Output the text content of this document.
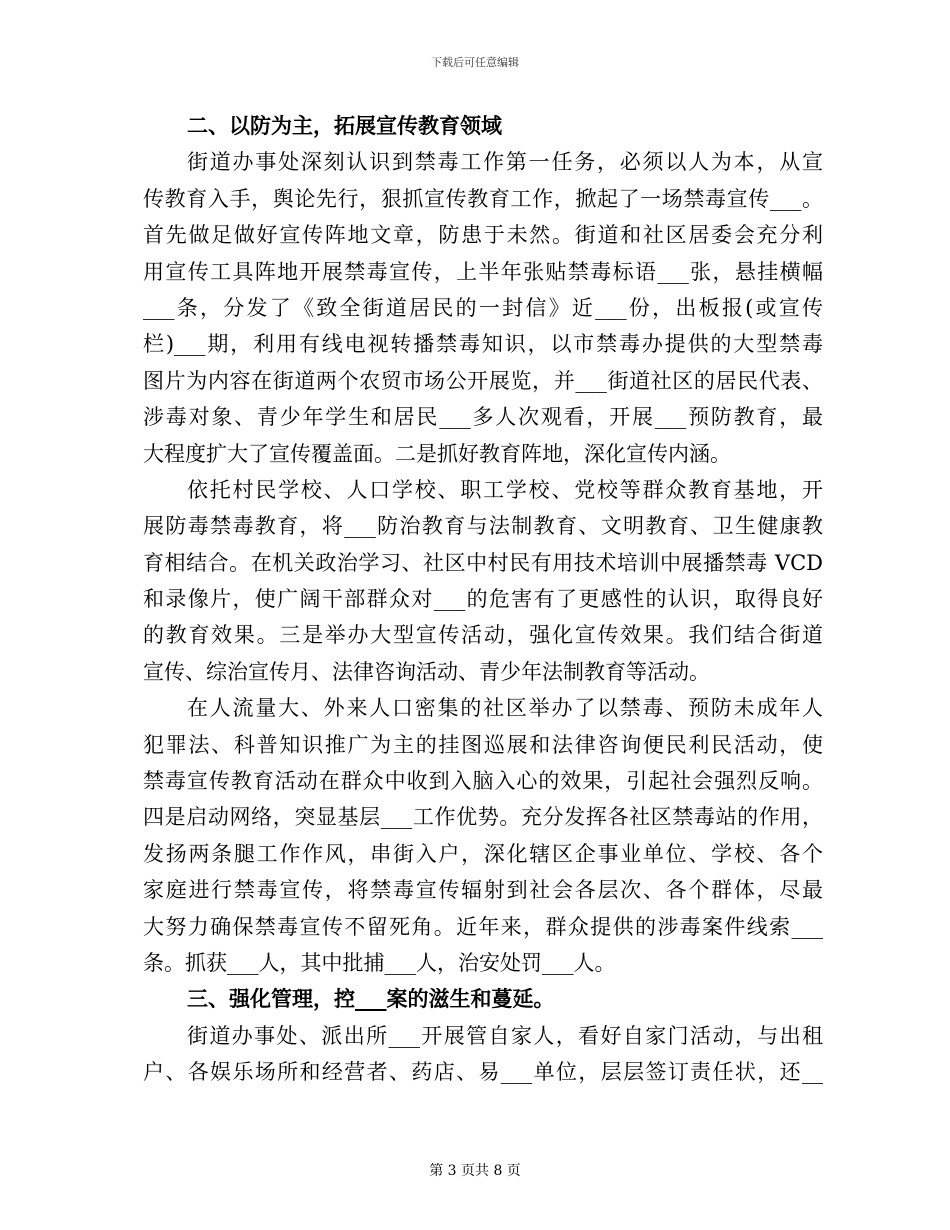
下载后可任意编辑
二、以防为主，拓展宣传教育领域
街道办事处深刻认识到禁毒工作第一任务，必须以人为本，从宣
传教育入手，舆论先行，狠抓宣传教育工作，掀起了一场禁毒宣传___。
首先做足做好宣传阵地文章，防患于未然。街道和社区居委会充分利
用宣传工具阵地开展禁毒宣传，上半年张贴禁毒标语___张，悬挂横幅
___条，分发了《致全街道居民的一封信》近___份，出板报(或宣传
栏)___期，利用有线电视转播禁毒知识，以市禁毒办提供的大型禁毒
图片为内容在街道两个农贸市场公开展览，并___街道社区的居民代表、
涉毒对象、青少年学生和居民___多人次观看，开展___预防教育，最
大程度扩大了宣传覆盖面。二是抓好教育阵地，深化宣传内涵。
依托村民学校、人口学校、职工学校、党校等群众教育基地，开
展防毒禁毒教育，将___防治教育与法制教育、文明教育、卫生健康教
育相结合。在机关政治学习、社区中村民有用技术培训中展播禁毒 VCD
和录像片，使广阔干部群众对___的危害有了更感性的认识，取得良好
的教育效果。三是举办大型宣传活动，强化宣传效果。我们结合街道
宣传、综治宣传月、法律咨询活动、青少年法制教育等活动。
在人流量大、外来人口密集的社区举办了以禁毒、预防未成年人
犯罪法、科普知识推广为主的挂图巡展和法律咨询便民利民活动，使
禁毒宣传教育活动在群众中收到入脑入心的效果，引起社会强烈反响。
四是启动网络，突显基层___工作优势。充分发挥各社区禁毒站的作用，
发扬两条腿工作作风，串街入户，深化辖区企事业单位、学校、各个
家庭进行禁毒宣传，将禁毒宣传辐射到社会各层次、各个群体，尽最
大努力确保禁毒宣传不留死角。近年来，群众提供的涉毒案件线索___
条。抓获___人，其中批捕___人，治安处罚___人。
三、强化管理，控___案的滋生和蔓延。
街道办事处、派出所___开展管自家人，看好自家门活动，与出租
户、各娱乐场所和经营者、药店、易___单位，层层签订责任状，还__
第 3 页共 8 页
